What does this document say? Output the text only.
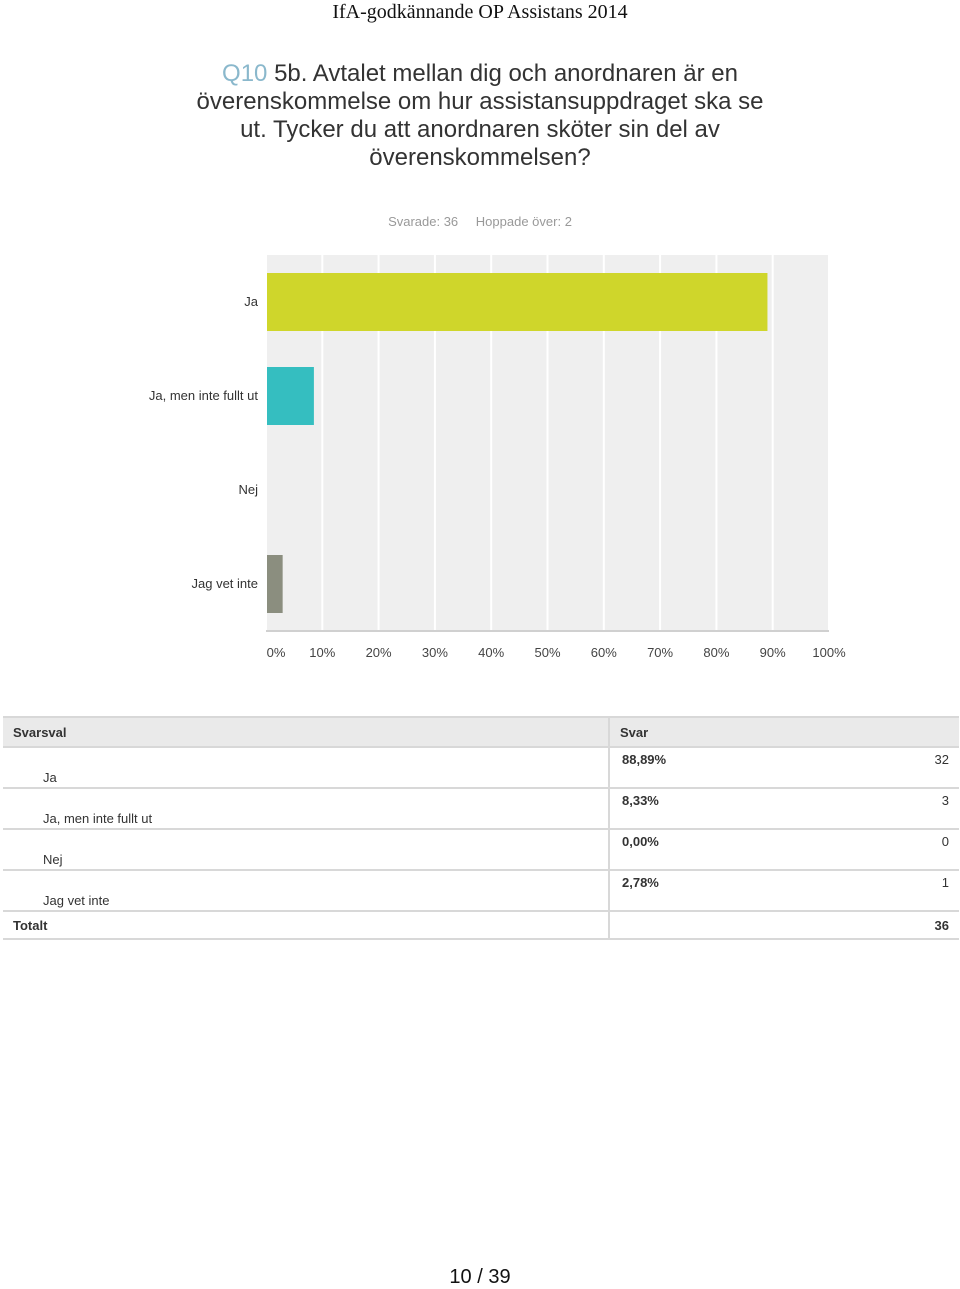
IfA-godkännande OP Assistans 2014
Q10 5b. Avtalet mellan dig och anordnaren är en överenskommelse om hur assistansuppdraget ska se ut. Tycker du att anordnaren sköter sin del av överenskommelsen?
Svarade: 36 Hoppade över: 2
Ja
Ja, men inte fullt ut
Nej
Jag vet inte
0% 10% 20% 30% 40% 50% 60% 70% 80% 90% 100%
Svarsval	Svar	
Ja	88,89%	32
Ja, men inte fullt ut	8,33%	3
Nej	0,00%	0
Jag vet inte	2,78%	1
Totalt		36
10 / 39
